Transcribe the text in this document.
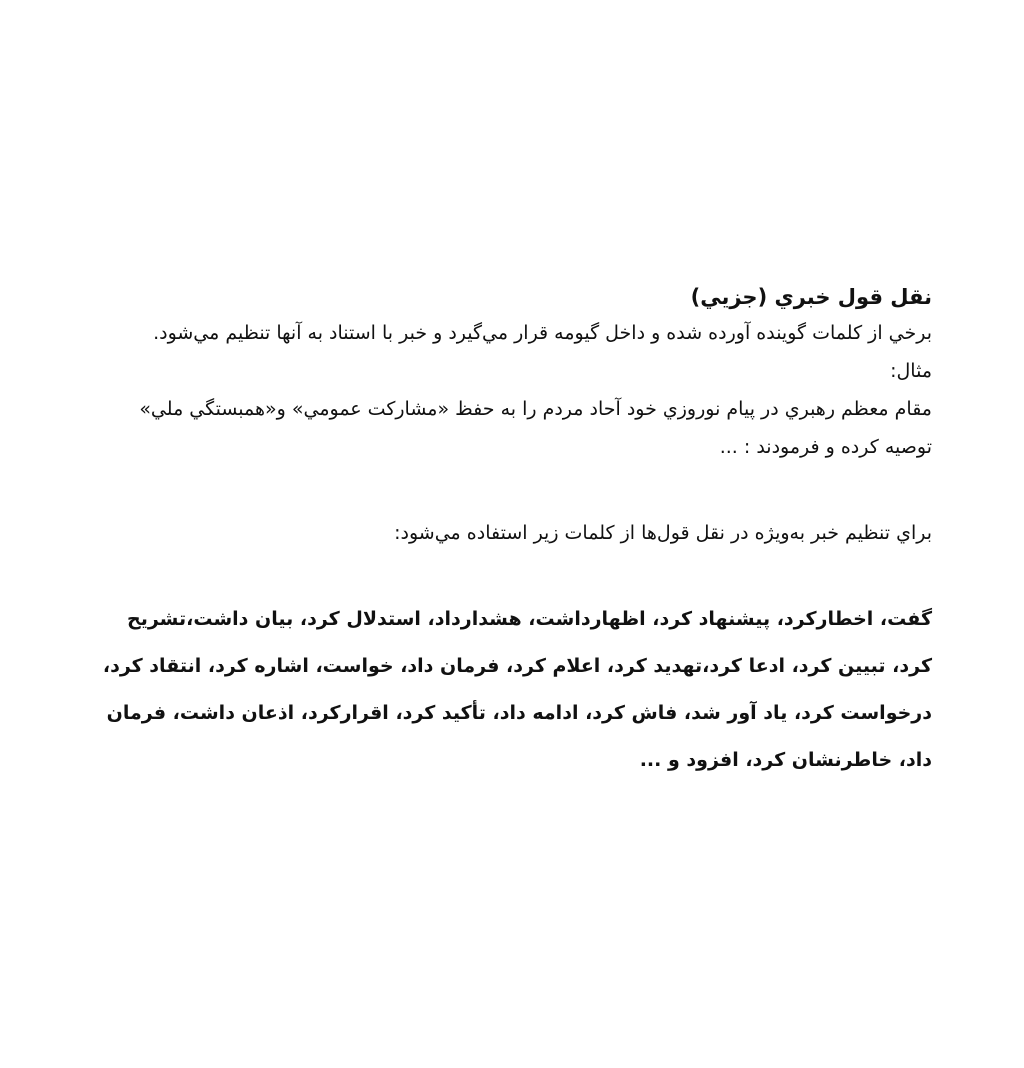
نقل قول خبري (جزيي)

برخي از كلمات گوينده آورده شده و داخل گيومه قرار مي‌گيرد و خبر با استناد به آنها تنظيم مي‌شود.

مثال:

مقام معظم رهبري در پيام نوروزي خود آحاد مردم را به حفظ «مشاركت عمومي» و«همبستگي ملي» توصيه كرده و فرمودند : ...

براي تنظيم خبر به‌ويژه در نقل قول‌ها از كلمات زير استفاده مي‌شود:

گفت، اخطاركرد، پيشنهاد كرد، اظهارداشت، هشدارداد، استدلال كرد، بيان داشت،تشريح كرد، تبيين كرد، ادعا كرد،تهديد كرد، اعلام كرد، فرمان داد، خواست، اشاره كرد، انتقاد كرد، درخواست كرد، ياد آور شد، فاش كرد، ادامه داد، تأكيد كرد، اقراركرد، اذعان داشت، فرمان داد، خاطرنشان كرد، افزود و ...
